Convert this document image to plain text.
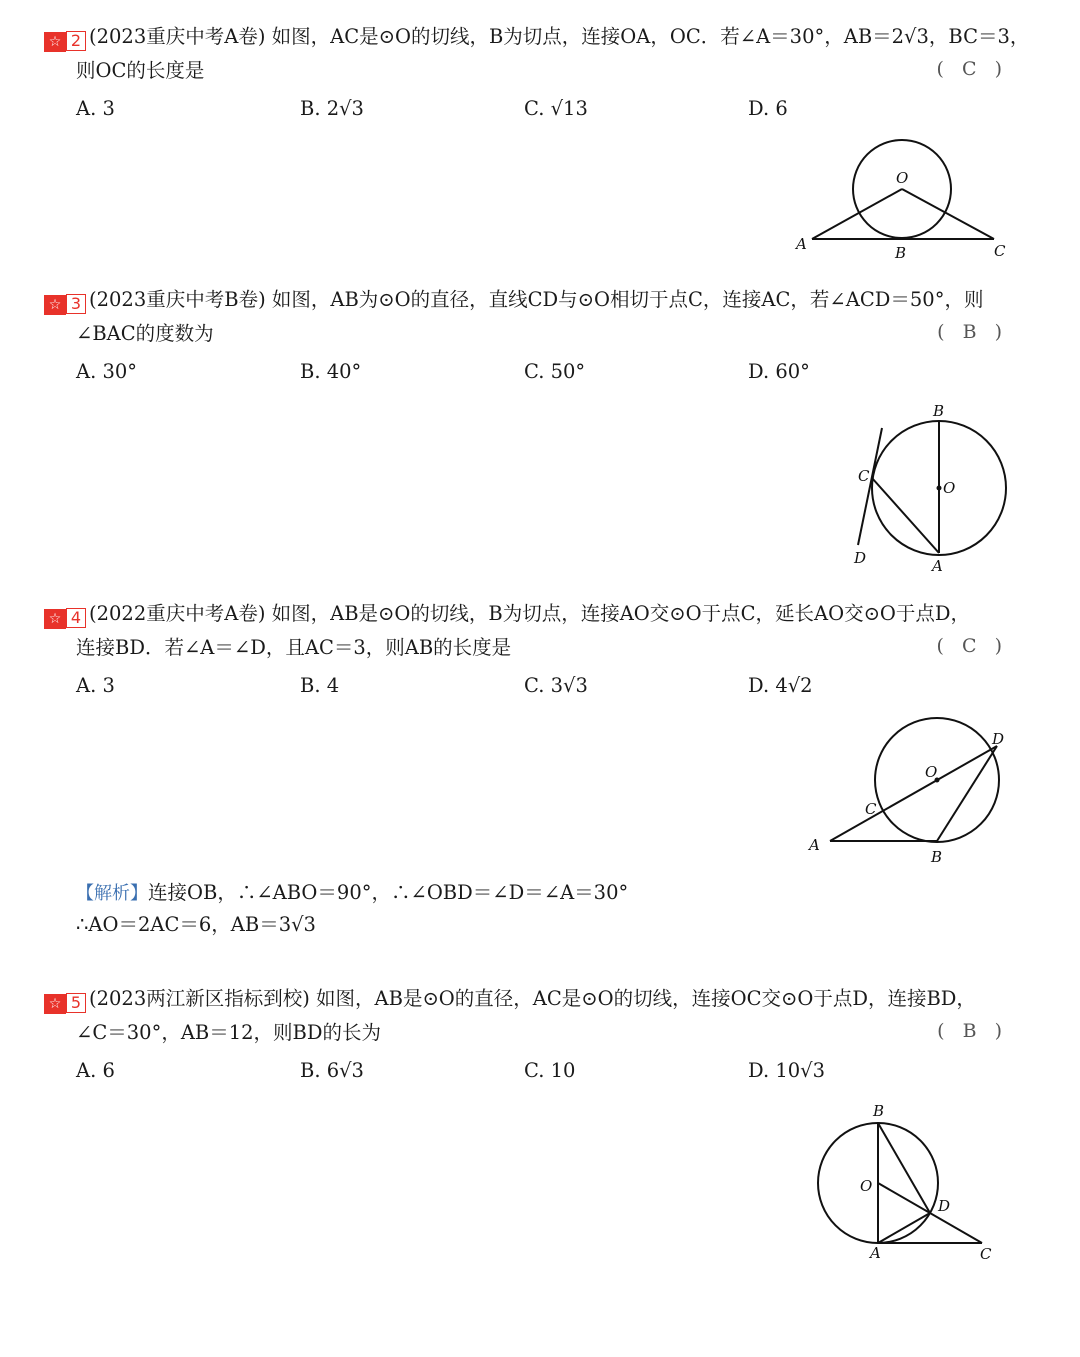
☆ 2 (2023重庆中考A卷) 如图，AC是⊙O的切线，B为切点，连接OA，OC．若∠A＝30°，AB＝2√3，BC＝3，
则OC的长度是	( C )
A. 3	B. 2√3	C. √13	D. 6
O
A	B	C
☆ 3 (2023重庆中考B卷) 如图，AB为⊙O的直径，直线CD与⊙O相切于点C，连接AC，若∠ACD＝50°，则
∠BAC的度数为	( B )
A. 30°	B. 40°	C. 50°	D. 60°
B
C
O
D	A
☆ 4 (2022重庆中考A卷) 如图，AB是⊙O的切线，B为切点，连接AO交⊙O于点C，延长AO交⊙O于点D，
连接BD．若∠A＝∠D，且AC＝3，则AB的长度是	( C )
A. 3	B. 4	C. 3√3	D. 4√2
D
O
C
A
B
【解析】连接OB，∴∠ABO＝90°，∴∠OBD＝∠D＝∠A＝30°
∴AO＝2AC＝6，AB＝3√3
☆ 5 (2023两江新区指标到校) 如图，AB是⊙O的直径，AC是⊙O的切线，连接OC交⊙O于点D，连接BD，
∠C＝30°，AB＝12，则BD的长为	( B )
A. 6	B. 6√3	C. 10	D. 10√3
B
O
D
A	C
